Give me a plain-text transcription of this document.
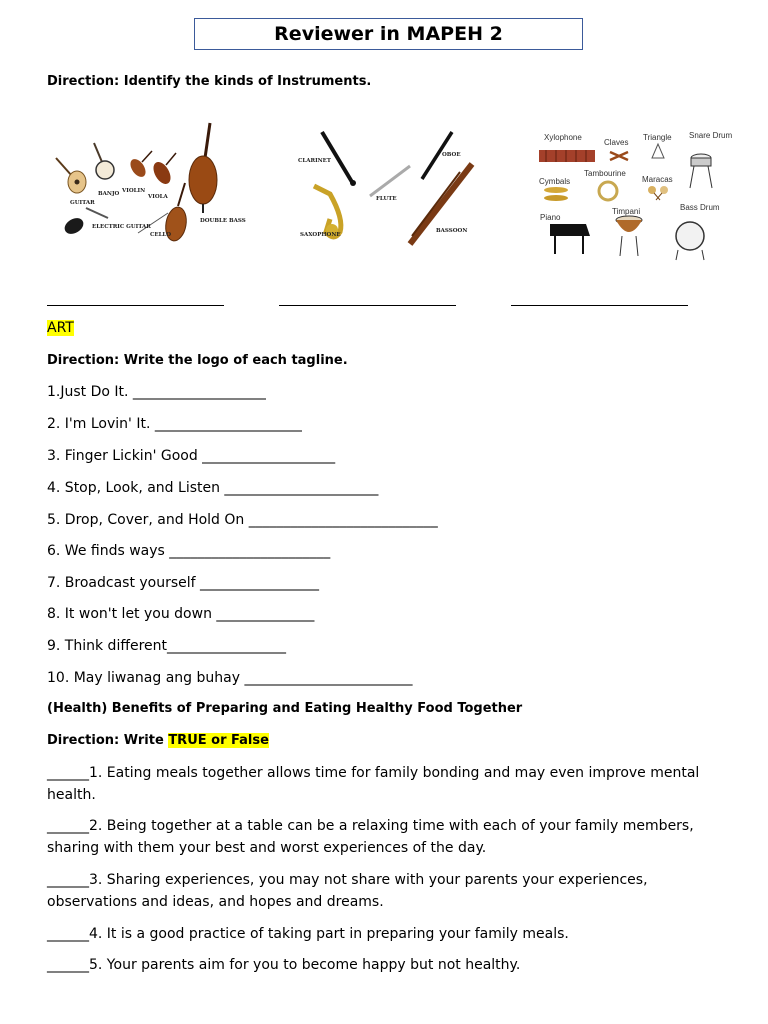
Reviewer in MAPEH 2
Direction: Identify the kinds of Instruments.
GUITAR
BANJO VIOLIN
VIOLA
DOUBLE BASS
ELECTRIC GUITAR
CELLO
CLARINET
OBOE
FLUTE
SAXOPHONE
BASSOON
Xylophone
Claves
Triangle Snare Drum
Cymbals
Tambourine
Maracas
Bass Drum
Piano
Timpani
ART
Direction: Write the logo of each tagline.
1.Just Do It. ___________________
2. I'm Lovin' It. _____________________
3. Finger Lickin' Good ___________________
4. Stop, Look, and Listen ______________________
5. Drop, Cover, and Hold On ___________________________
6. We finds ways _______________________
7. Broadcast yourself _________________
8. It won't let you down ______________
9. Think different_________________
10. May liwanag ang buhay ________________________
(Health) Benefits of Preparing and Eating Healthy Food Together
Direction: Write TRUE or False
______1. Eating meals together allows time for family bonding and may even improve mental health.
______2. Being together at a table can be a relaxing time with each of your family members, sharing with them your best and worst experiences of the day.
______3. Sharing experiences, you may not share with your parents your experiences, observations and ideas, and hopes and dreams.
______4. It is a good practice of taking part in preparing your family meals.
______5. Your parents aim for you to become happy but not healthy.
